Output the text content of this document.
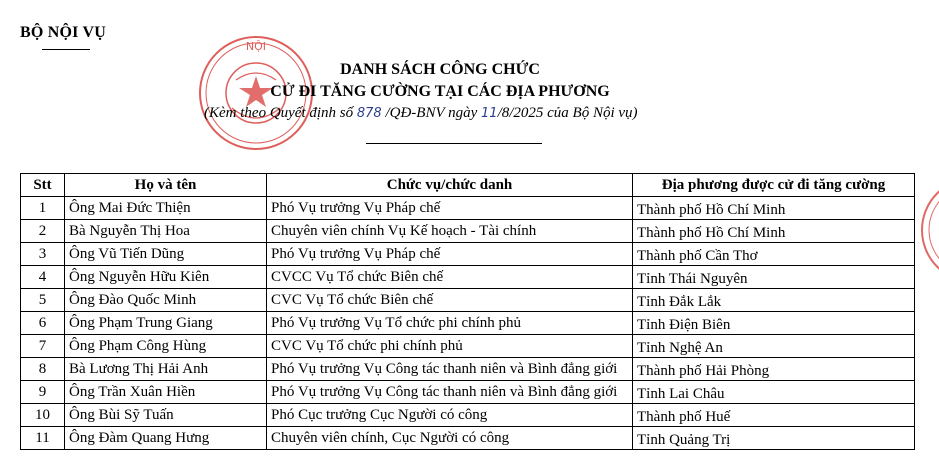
BỘ NỘI VỤ
NỘI
DANH SÁCH CÔNG CHỨC
CỬ ĐI TĂNG CƯỜNG TẠI CÁC ĐỊA PHƯƠNG
(Kèm theo Quyết định số 878 /QĐ-BNV ngày 11/8/2025 của Bộ Nội vụ)
Stt	Họ và tên	Chức vụ/chức danh	Địa phương được cử đi tăng cường
1	Ông Mai Đức Thiện	Phó Vụ trưởng Vụ Pháp chế	Thành phố Hồ Chí Minh
2	Bà Nguyễn Thị Hoa	Chuyên viên chính Vụ Kế hoạch - Tài chính	Thành phố Hồ Chí Minh
3	Ông Vũ Tiến Dũng	Phó Vụ trưởng Vụ Pháp chế	Thành phố Cần Thơ
4	Ông Nguyễn Hữu Kiên	CVCC Vụ Tổ chức Biên chế	Tỉnh Thái Nguyên
5	Ông Đào Quốc Minh	CVC Vụ Tổ chức Biên chế	Tỉnh Đắk Lắk
6	Ông Phạm Trung Giang	Phó Vụ trưởng Vụ Tổ chức phi chính phủ	Tỉnh Điện Biên
7	Ông Phạm Công Hùng	CVC Vụ Tổ chức phi chính phủ	Tỉnh Nghệ An
8	Bà Lương Thị Hải Anh	Phó Vụ trưởng Vụ Công tác thanh niên và Bình đẳng giới	Thành phố Hải Phòng
9	Ông Trần Xuân Hiền	Phó Vụ trưởng Vụ Công tác thanh niên và Bình đẳng giới	Tỉnh Lai Châu
10	Ông Bùi Sỹ Tuấn	Phó Cục trưởng Cục Người có công	Thành phố Huế
11	Ông Đàm Quang Hưng	Chuyên viên chính, Cục Người có công	Tỉnh Quảng Trị
